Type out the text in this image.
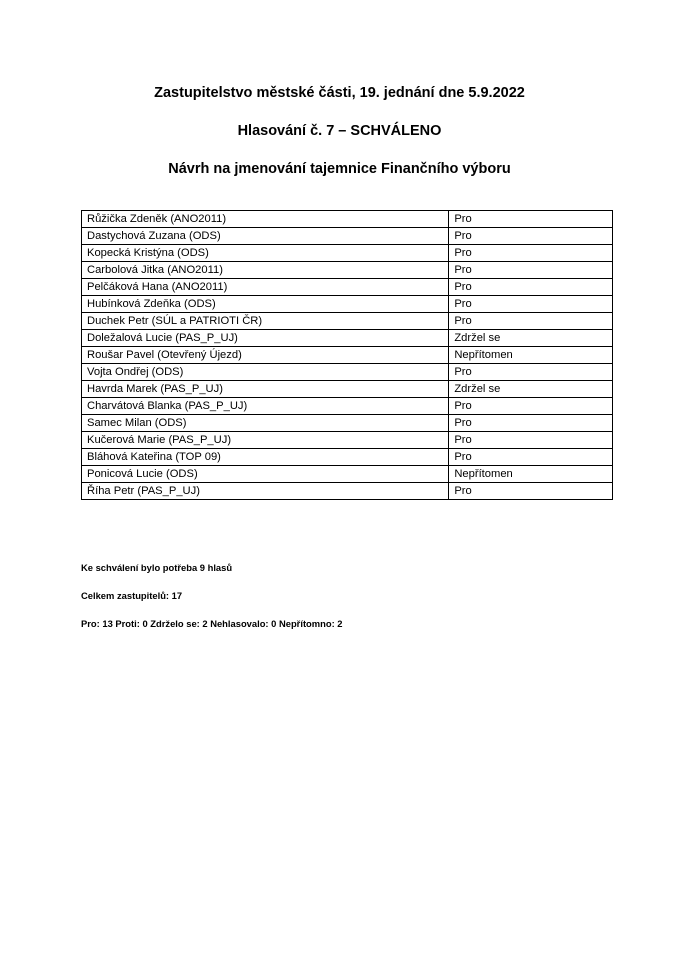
Zastupitelstvo městské části, 19. jednání dne 5.9.2022
Hlasování č. 7 – SCHVÁLENO
Návrh na jmenování tajemnice Finančního výboru
Růžička Zdeněk (ANO2011)	Pro
Dastychová Zuzana (ODS)	Pro
Kopecká Kristýna (ODS)	Pro
Carbolová Jitka (ANO2011)	Pro
Pelčáková Hana (ANO2011)	Pro
Hubínková Zdeňka (ODS)	Pro
Duchek Petr (SÚL a PATRIOTI ČR)	Pro
Doležalová Lucie (PAS_P_UJ)	Zdržel se
Roušar Pavel (Otevřený Újezd)	Nepřítomen
Vojta Ondřej (ODS)	Pro
Havrda Marek (PAS_P_UJ)	Zdržel se
Charvátová Blanka (PAS_P_UJ)	Pro
Samec Milan (ODS)	Pro
Kučerová Marie (PAS_P_UJ)	Pro
Bláhová Kateřina (TOP 09)	Pro
Ponicová Lucie (ODS)	Nepřítomen
Říha Petr (PAS_P_UJ)	Pro
Ke schválení bylo potřeba 9 hlasů
Celkem zastupitelů: 17
Pro: 13 Proti: 0 Zdrželo se: 2 Nehlasovalo: 0 Nepřítomno: 2
